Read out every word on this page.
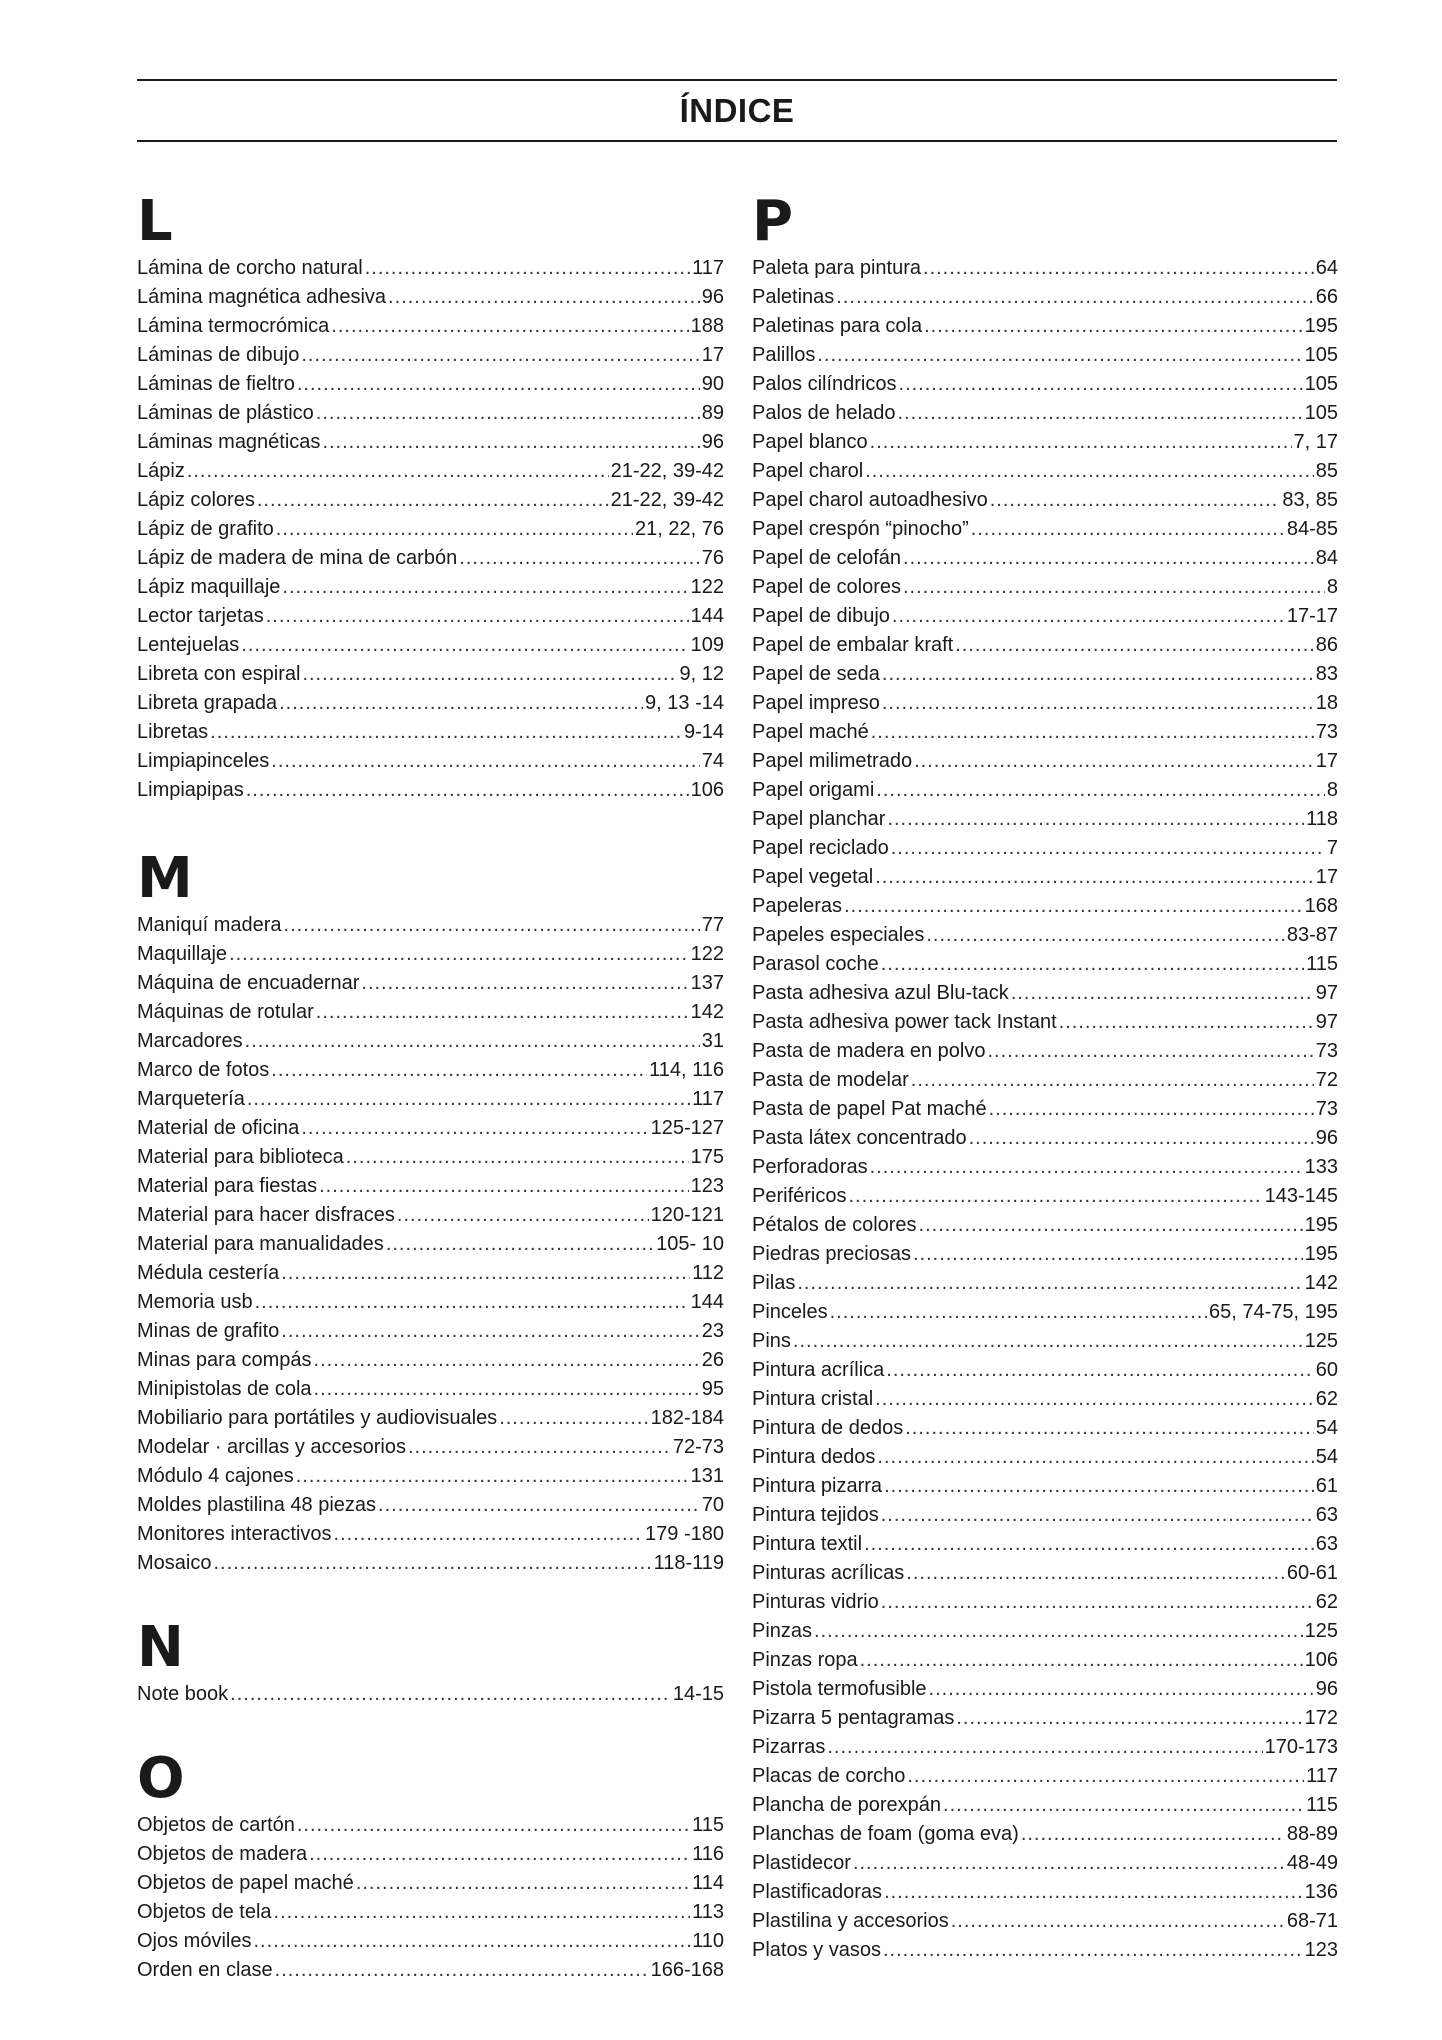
ÍNDICE
L
Lámina de corcho natural .....	117
Lámina magnética adhesiva .....	96
Lámina termocrómica .....	188
Láminas de dibujo .....	17
Láminas de fieltro .....	90
Láminas de plástico .....	89
Láminas magnéticas .....	96
Lápiz .....	21-22, 39-42
Lápiz colores .....	21-22, 39-42
Lápiz de grafito .....	21, 22, 76
Lápiz de madera de mina de carbón .....	76
Lápiz maquillaje .....	122
Lector tarjetas .....	144
Lentejuelas .....	109
Libreta con espiral .....	9, 12
Libreta grapada .....	9, 13 -14
Libretas .....	9-14
Limpiapinceles .....	74
Limpiapipas .....	106
M
Maniquí madera .....	77
Maquillaje .....	122
Máquina de encuadernar .....	137
Máquinas de rotular .....	142
Marcadores .....	31
Marco de fotos .....	114, 116
Marquetería .....	117
Material de oficina .....	125-127
Material para biblioteca .....	175
Material para fiestas .....	123
Material para hacer disfraces .....	120-121
Material para manualidades .....	105- 10
Médula cestería .....	112
Memoria usb .....	144
Minas de grafito .....	23
Minas para compás .....	26
Minipistolas de cola .....	95
Mobiliario para portátiles y audiovisuales .....	182-184
Modelar · arcillas y accesorios .....	72-73
Módulo 4 cajones .....	131
Moldes plastilina 48 piezas .....	70
Monitores interactivos .....	179 -180
Mosaico .....	118-119
N
Note book .....	14-15
O
Objetos de cartón .....	115
Objetos de madera .....	116
Objetos de papel maché .....	114
Objetos de tela .....	113
Ojos móviles .....	110
Orden en clase .....	166-168
P
Paleta para pintura .....	64
Paletinas .....	66
Paletinas para cola .....	195
Palillos .....	105
Palos cilíndricos .....	105
Palos de helado .....	105
Papel blanco .....	7, 17
Papel charol .....	85
Papel charol autoadhesivo .....	83, 85
Papel crespón “pinocho” .....	84-85
Papel de celofán .....	84
Papel de colores .....	8
Papel de dibujo .....	17-17
Papel de embalar kraft .....	86
Papel de seda .....	83
Papel impreso .....	18
Papel maché .....	73
Papel milimetrado .....	17
Papel origami .....	8
Papel planchar .....	118
Papel reciclado .....	7
Papel vegetal .....	17
Papeleras .....	168
Papeles especiales .....	83-87
Parasol coche .....	115
Pasta adhesiva azul Blu-tack .....	97
Pasta adhesiva power tack Instant .....	97
Pasta de madera en polvo .....	73
Pasta de modelar .....	72
Pasta de papel Pat maché .....	73
Pasta látex concentrado .....	96
Perforadoras .....	133
Periféricos .....	143-145
Pétalos de colores .....	195
Piedras preciosas .....	195
Pilas .....	142
Pinceles .....	65, 74-75, 195
Pins .....	125
Pintura acrílica .....	60
Pintura cristal .....	62
Pintura de dedos .....	54
Pintura dedos .....	54
Pintura pizarra .....	61
Pintura tejidos .....	63
Pintura textil .....	63
Pinturas acrílicas .....	60-61
Pinturas vidrio .....	62
Pinzas .....	125
Pinzas ropa .....	106
Pistola termofusible .....	96
Pizarra 5 pentagramas .....	172
Pizarras .....	170-173
Placas de corcho .....	117
Plancha de porexpán .....	115
Planchas de foam (goma eva) .....	88-89
Plastidecor .....	48-49
Plastificadoras .....	136
Plastilina y accesorios .....	68-71
Platos y vasos .....	123
